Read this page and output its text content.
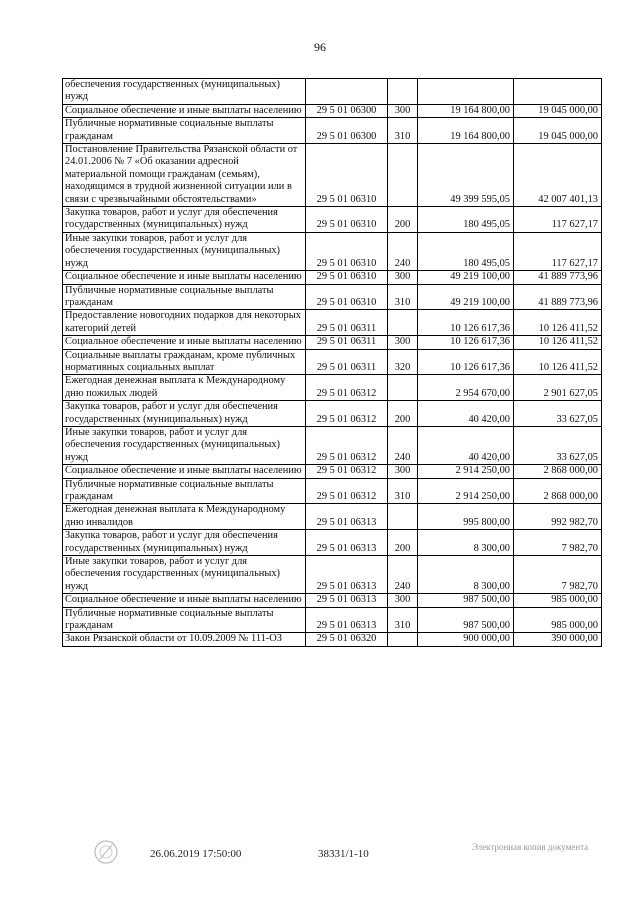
96
обеспечения государственных (муниципальных) нужд				
Социальное обеспечение и иные выплаты населению	29 5 01 06300	300	19 164 800,00	19 045 000,00
Публичные нормативные социальные выплаты гражданам	29 5 01 06300	310	19 164 800,00	19 045 000,00
Постановление Правительства Рязанской области от 24.01.2006 № 7 «Об оказании адресной материальной помощи гражданам (семьям), находящимся в трудной жизненной ситуации или в связи с чрезвычайными обстоятельствами»	29 5 01 06310		49 399 595,05	42 007 401,13
Закупка товаров, работ и услуг для обеспечения государственных (муниципальных) нужд	29 5 01 06310	200	180 495,05	117 627,17
Иные закупки товаров, работ и услуг для обеспечения государственных (муниципальных) нужд	29 5 01 06310	240	180 495,05	117 627,17
Социальное обеспечение и иные выплаты населению	29 5 01 06310	300	49 219 100,00	41 889 773,96
Публичные нормативные социальные выплаты гражданам	29 5 01 06310	310	49 219 100,00	41 889 773,96
Предоставление новогодних подарков для некоторых категорий детей	29 5 01 06311		10 126 617,36	10 126 411,52
Социальное обеспечение и иные выплаты населению	29 5 01 06311	300	10 126 617,36	10 126 411,52
Социальные выплаты гражданам, кроме публичных нормативных социальных выплат	29 5 01 06311	320	10 126 617,36	10 126 411,52
Ежегодная денежная выплата к Международному дню пожилых людей	29 5 01 06312		2 954 670,00	2 901 627,05
Закупка товаров, работ и услуг для обеспечения государственных (муниципальных) нужд	29 5 01 06312	200	40 420,00	33 627,05
Иные закупки товаров, работ и услуг для обеспечения государственных (муниципальных) нужд	29 5 01 06312	240	40 420,00	33 627,05
Социальное обеспечение и иные выплаты населению	29 5 01 06312	300	2 914 250,00	2 868 000,00
Публичные нормативные социальные выплаты гражданам	29 5 01 06312	310	2 914 250,00	2 868 000,00
Ежегодная денежная выплата к Международному дню инвалидов	29 5 01 06313		995 800,00	992 982,70
Закупка товаров, работ и услуг для обеспечения государственных (муниципальных) нужд	29 5 01 06313	200	8 300,00	7 982,70
Иные закупки товаров, работ и услуг для обеспечения государственных (муниципальных) нужд	29 5 01 06313	240	8 300,00	7 982,70
Социальное обеспечение и иные выплаты населению	29 5 01 06313	300	987 500,00	985 000,00
Публичные нормативные социальные выплаты гражданам	29 5 01 06313	310	987 500,00	985 000,00
Закон Рязанской области от 10.09.2009 № 111-ОЗ	29 5 01 06320		900 000,00	390 000,00
26.06.2019 17:50:00	38331/1-10
Электронная копия документа
